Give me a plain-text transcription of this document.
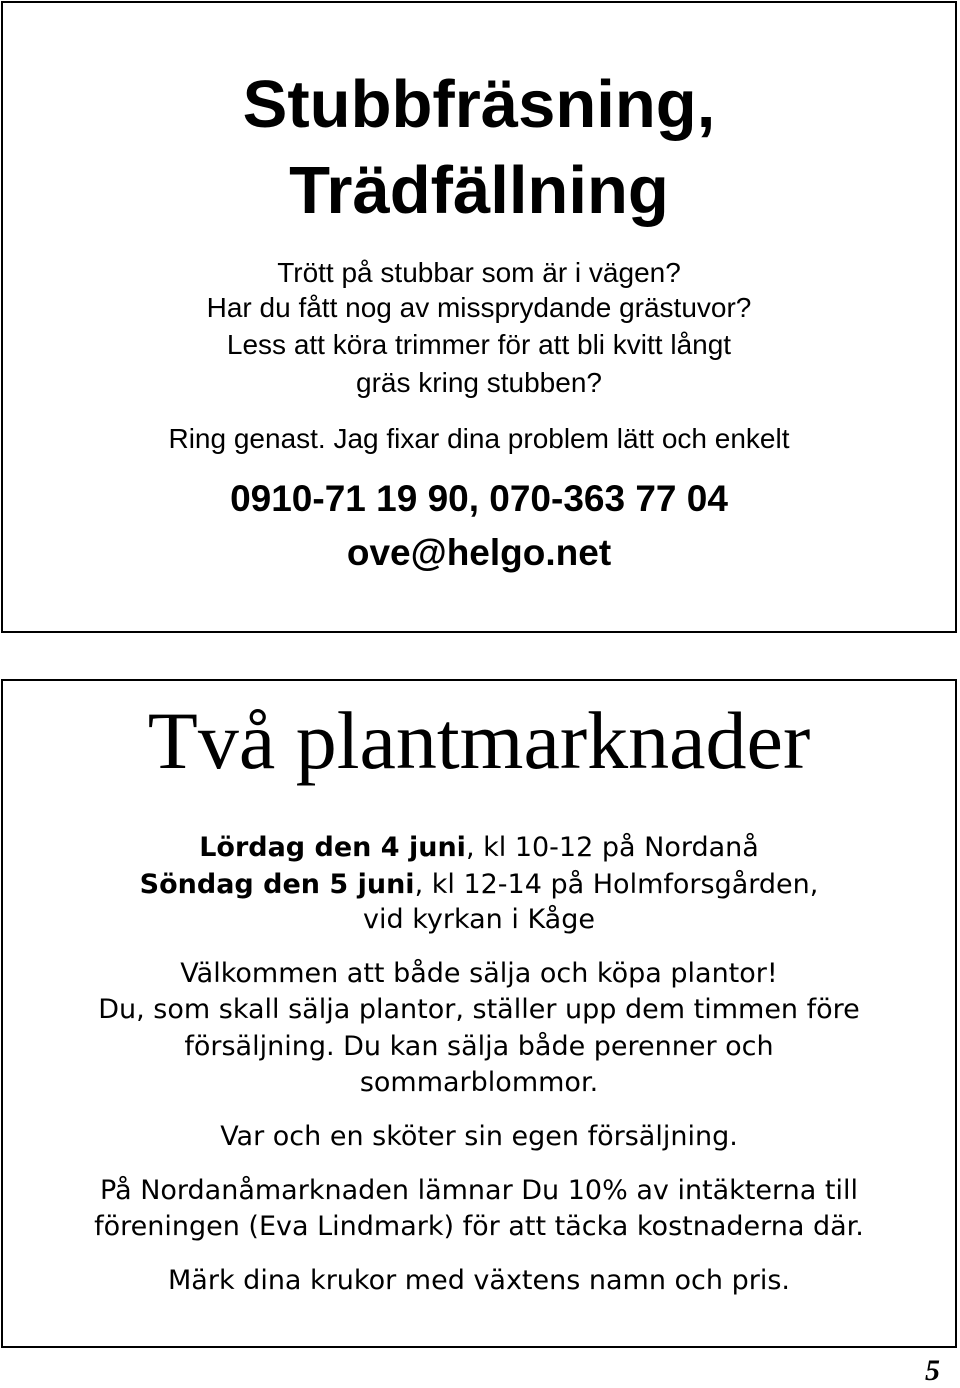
Stubbfräsning,
Trädfällning
Trött på stubbar som är i vägen?
Har du fått nog av missprydande grästuvor?
Less att köra trimmer för att bli kvitt långt
gräs kring stubben?
Ring genast. Jag fixar dina problem lätt och enkelt
0910-71 19 90, 070-363 77 04
ove@helgo.net
Två plantmarknader
Lördag den 4 juni, kl 10-12 på Nordanå
Söndag den 5 juni, kl 12-14 på Holmforsgården,
vid kyrkan i Kåge
Välkommen att både sälja och köpa plantor!
Du, som skall sälja plantor, ställer upp dem timmen före
försäljning. Du kan sälja både perenner och
sommarblommor.
Var och en sköter sin egen försäljning.
På Nordanåmarknaden lämnar Du 10% av intäkterna till
föreningen (Eva Lindmark) för att täcka kostnaderna där.
Märk dina krukor med växtens namn och pris.
5
